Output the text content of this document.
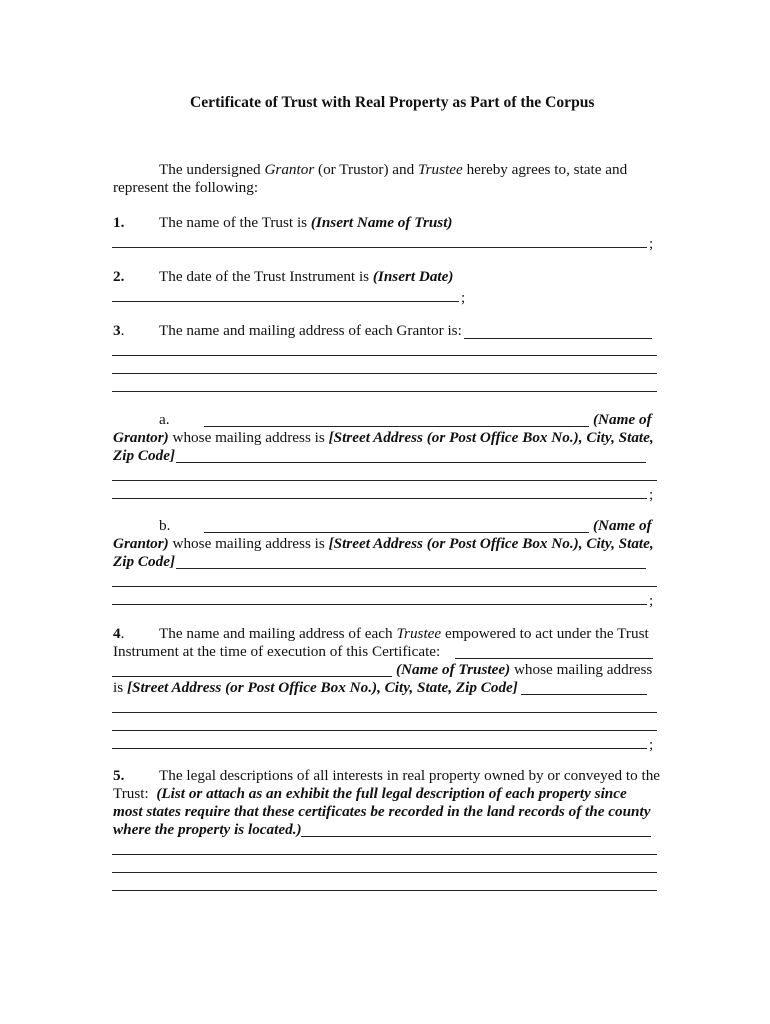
Certificate of Trust with Real Property as Part of the Corpus
The undersigned Grantor (or Trustor) and Trustee hereby agrees to, state and
represent the following:
1. The name of the Trust is (Insert Name of Trust)
;
2. The date of the Trust Instrument is (Insert Date)
;
3. The name and mailing address of each Grantor is:
a.	(Name of
Grantor) whose mailing address is [Street Address (or Post Office Box No.), City, State,
Zip Code]
;
b.	(Name of
Grantor) whose mailing address is [Street Address (or Post Office Box No.), City, State,
Zip Code]
;
4. The name and mailing address of each Trustee empowered to act under the Trust
Instrument at the time of execution of this Certificate:
(Name of Trustee) whose mailing address
is [Street Address (or Post Office Box No.), City, State, Zip Code]
;
5. The legal descriptions of all interests in real property owned by or conveyed to the
Trust: (List or attach as an exhibit the full legal description of each property since
most states require that these certificates be recorded in the land records of the county
where the property is located.)
